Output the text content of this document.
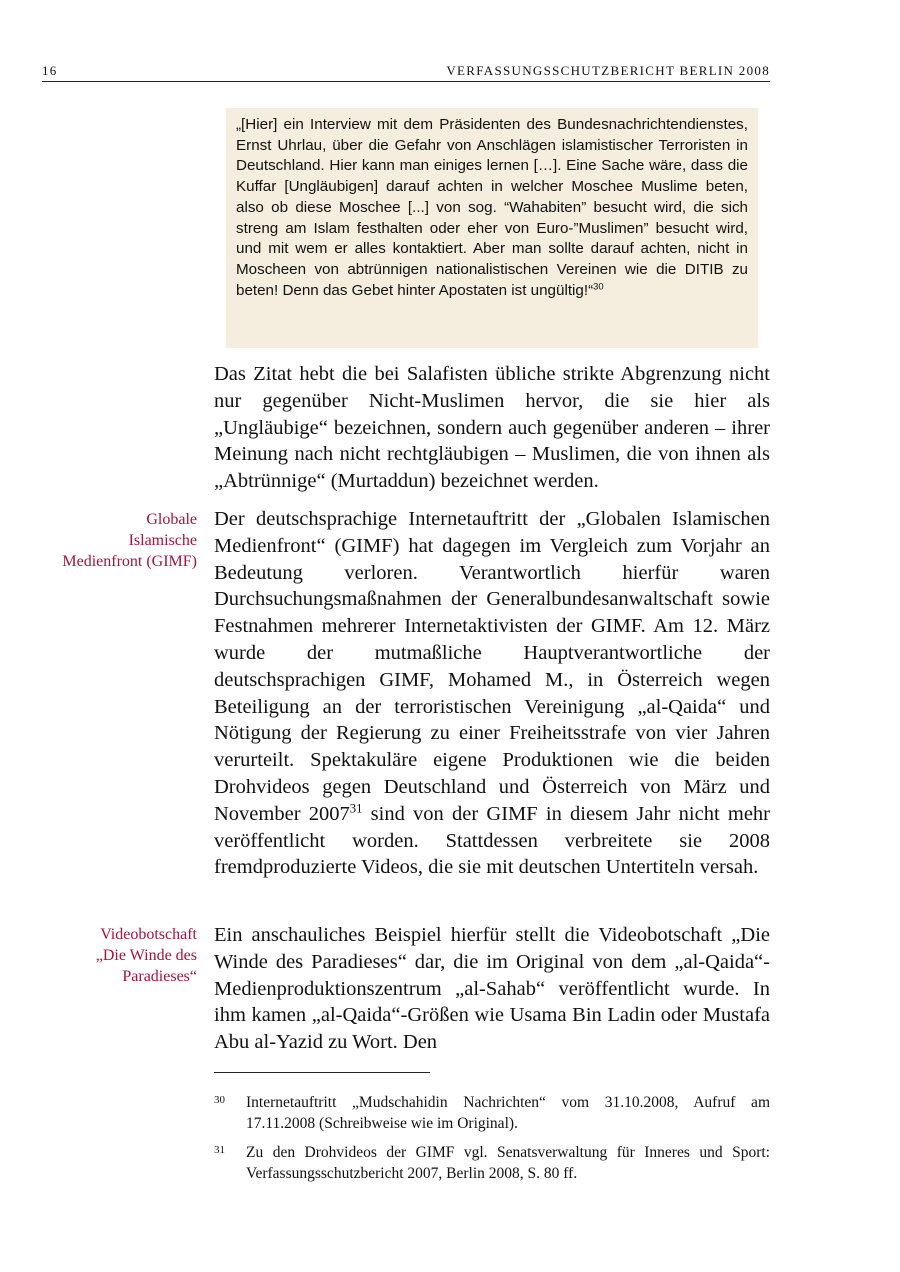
16	VERFASSUNGSSCHUTZBERICHT BERLIN 2008
„[Hier] ein Interview mit dem Präsidenten des Bundesnachrichtendienstes, Ernst Uhrlau, über die Gefahr von Anschlägen islamistischer Terroristen in Deutschland. Hier kann man einiges lernen […]. Eine Sache wäre, dass die Kuffar [Ungläubigen] darauf achten in welcher Moschee Muslime beten, also ob diese Moschee [...] von sog. “Wahabiten” besucht wird, die sich streng am Islam festhalten oder eher von Euro-”Muslimen” besucht wird, und mit wem er alles kontaktiert. Aber man sollte darauf achten, nicht in Moscheen von abtrünnigen nationalistischen Vereinen wie die DITIB zu beten! Denn das Gebet hinter Apostaten ist ungültig!“$^{30}$

Das Zitat hebt die bei Salafisten übliche strikte Abgrenzung nicht nur gegenüber Nicht-Muslimen hervor, die sie hier als „Ungläubige“ bezeichnen, sondern auch gegenüber anderen – ihrer Meinung nach nicht rechtgläubigen – Muslimen, die von ihnen als „Abtrünnige“ (Murtaddun) bezeichnet werden.

Globale
Islamische
Medienfront (GIMF)

Der deutschsprachige Internetauftritt der „Globalen Islamischen Medienfront“ (GIMF) hat dagegen im Vergleich zum Vorjahr an Bedeutung verloren. Verantwortlich hierfür waren Durchsuchungsmaßnahmen der Generalbundesanwaltschaft sowie Festnahmen mehrerer Internetaktivisten der GIMF. Am 12. März wurde der mutmaßliche Hauptverantwortliche der deutschsprachigen GIMF, Mohamed M., in Österreich wegen Beteiligung an der terroristischen Vereinigung „al-Qaida“ und Nötigung der Regierung zu einer Freiheitsstrafe von vier Jahren verurteilt. Spektakuläre eigene Produktionen wie die beiden Drohvideos gegen Deutschland und Österreich von März und November 2007$^{31}$ sind von der GIMF in diesem Jahr nicht mehr veröffentlicht worden. Stattdessen verbreitete sie 2008 fremdproduzierte Videos, die sie mit deutschen Untertiteln versah.

Videobotschaft
„Die Winde des
Paradieses“

Ein anschauliches Beispiel hierfür stellt die Videobotschaft „Die Winde des Paradieses“ dar, die im Original von dem „al-Qaida“-Medienproduktionszentrum „al-Sahab“ veröffentlicht wurde. In ihm kamen „al-Qaida“-Größen wie Usama Bin Ladin oder Mustafa Abu al-Yazid zu Wort. Den

30 Internetauftritt „Mudschahidin Nachrichten“ vom 31.10.2008, Aufruf am 17.11.2008 (Schreibweise wie im Original).
31 Zu den Drohvideos der GIMF vgl. Senatsverwaltung für Inneres und Sport: Verfassungsschutzbericht 2007, Berlin 2008, S. 80 ff.
